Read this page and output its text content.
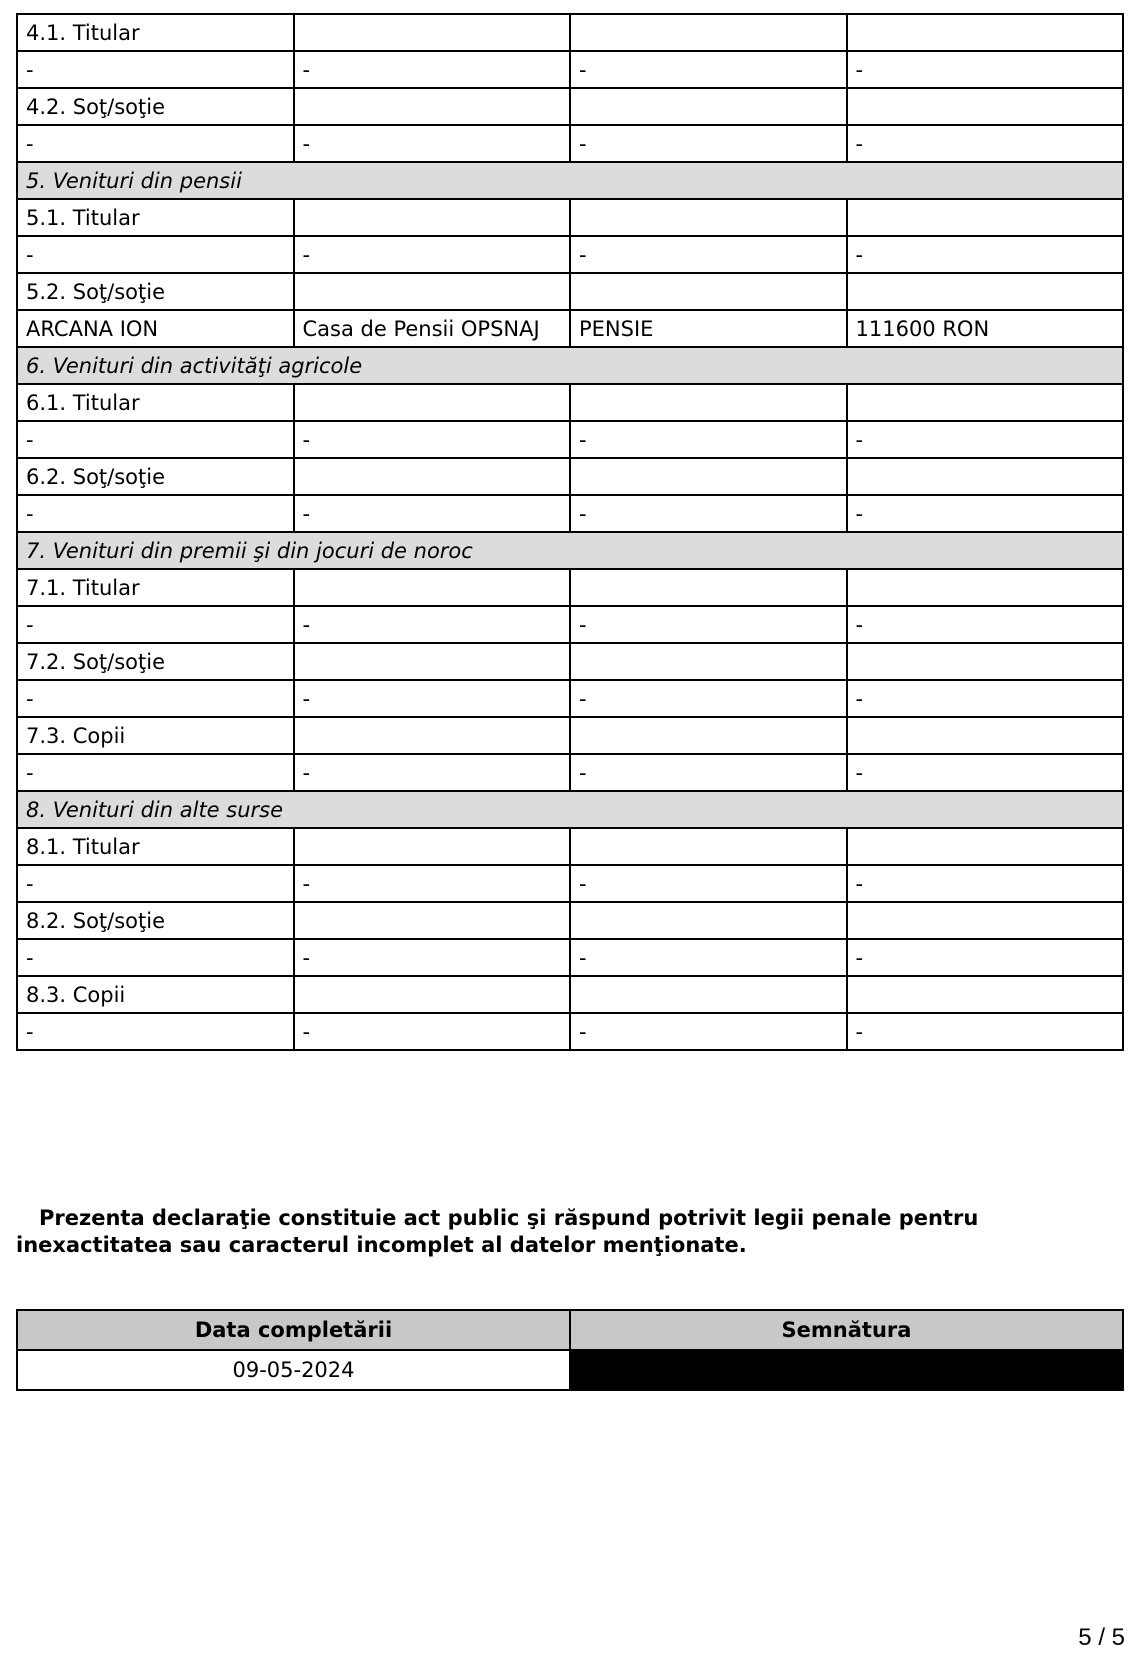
4.1. Titular			
-	-	-	-
4.2. Soţ/soţie			
-	-	-	-
5. Venituri din pensii			
5.1. Titular			
-	-	-	-
5.2. Soţ/soţie			
ARCANA ION	Casa de Pensii OPSNAJ	PENSIE	111600 RON
6. Venituri din activităţi agricole			
6.1. Titular			
-	-	-	-
6.2. Soţ/soţie			
-	-	-	-
7. Venituri din premii şi din jocuri de noroc			
7.1. Titular			
-	-	-	-
7.2. Soţ/soţie			
-	-	-	-
7.3. Copii			
-	-	-	-
8. Venituri din alte surse			
8.1. Titular			
-	-	-	-
8.2. Soţ/soţie			
-	-	-	-
8.3. Copii			
-	-	-	-

Prezenta declaraţie constituie act public şi răspund potrivit legii penale pentru inexactitatea sau caracterul incomplet al datelor menţionate.

Data completării	Semnătura
09-05-2024	
5 / 5
